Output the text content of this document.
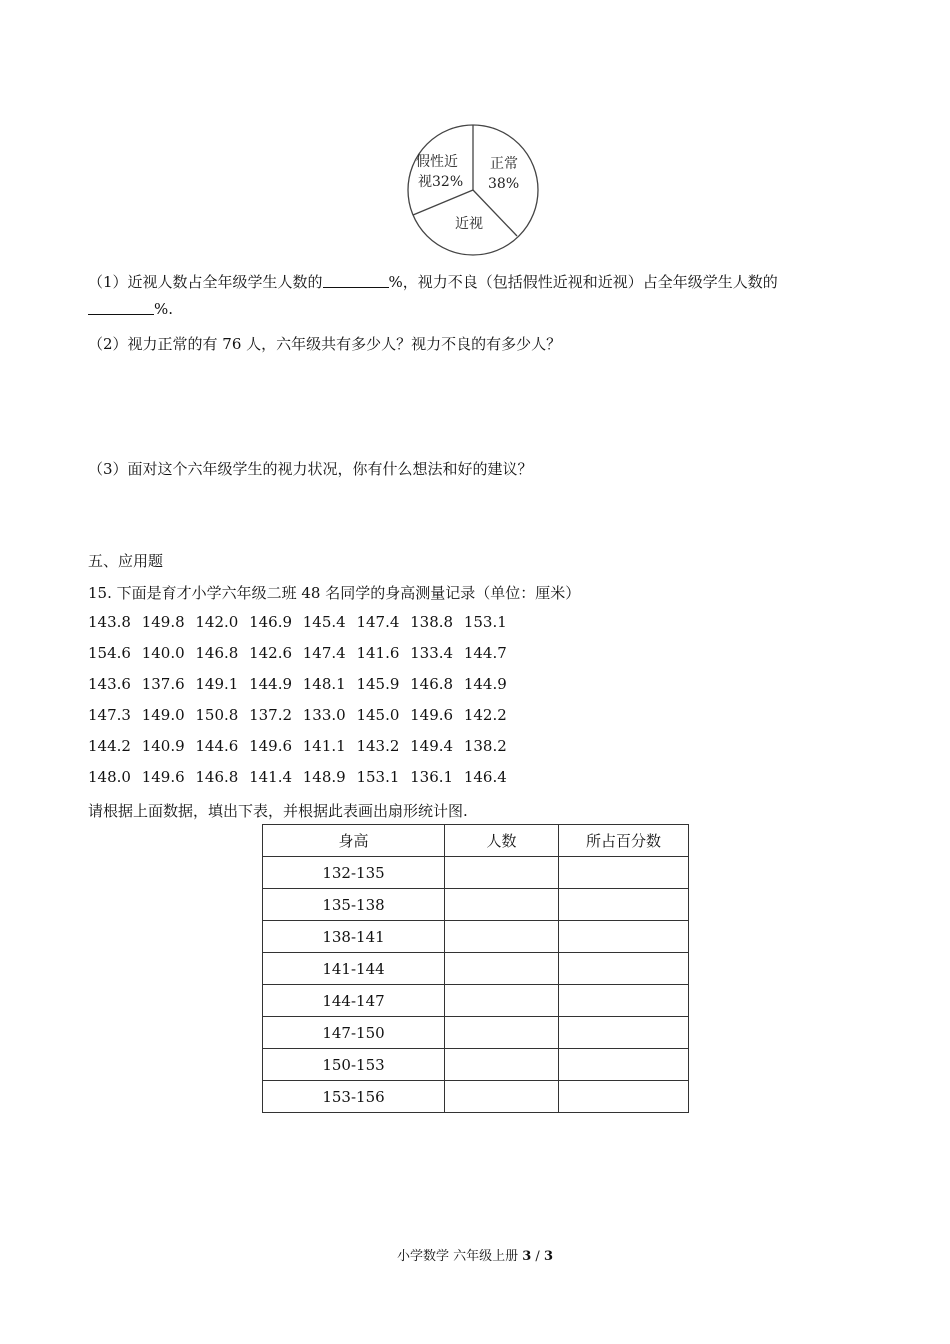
假性近
视32%
正常
38%
近视
（1）近视人数占全年级学生人数的	%，视力不良（包括假性近视和近视）占全年级学生人数的
%.
（2）视力正常的有 76 人，六年级共有多少人？视力不良的有多少人？
（3）面对这个六年级学生的视力状况，你有什么想法和好的建议？
五、应用题
15. 下面是育才小学六年级二班 48 名同学的身高测量记录（单位：厘米）
143.8 149.8 142.0 146.9 145.4 147.4 138.8 153.1
154.6 140.0 146.8 142.6 147.4 141.6 133.4 144.7
143.6 137.6 149.1 144.9 148.1 145.9 146.8 144.9
147.3 149.0 150.8 137.2 133.0 145.0 149.6 142.2
144.2 140.9 144.6 149.6 141.1 143.2 149.4 138.2
148.0 149.6 146.8 141.4 148.9 153.1 136.1 146.4
请根据上面数据，填出下表，并根据此表画出扇形统计图.
身高	人数	所占百分数
132-135		
135-138		
138-141		
141-144		
144-147		
147-150		
150-153		
153-156		
小学数学 六年级上册 3 / 3
